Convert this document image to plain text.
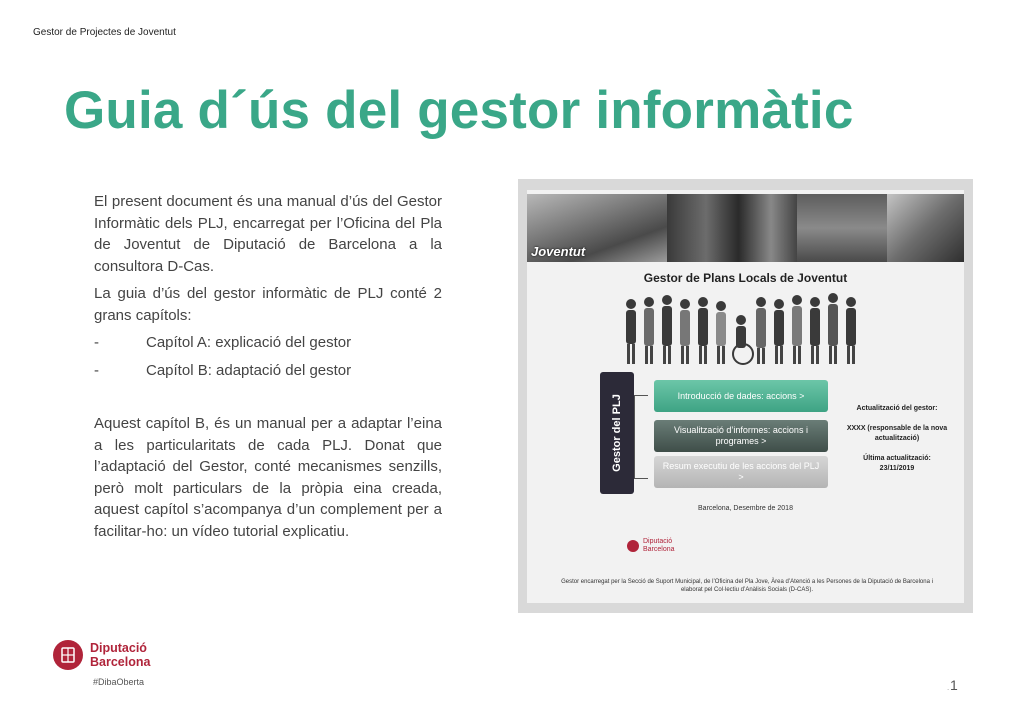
Gestor de Projectes de Joventut
Guia d´ús del gestor informàtic

El present document és una manual d’ús del Gestor Informàtic dels PLJ, encarregat per l’Oficina del Pla de Joventut de Diputació de Barcelona a la consultora D-Cas.

La guia d’ús del gestor informàtic de PLJ conté 2 grans capítols:

-	Capítol A: explicació del gestor
-	Capítol B: adaptació del gestor

Aquest capítol B, és un manual per a adaptar l’eina a les particularitats de cada PLJ. Donat que l’adaptació del Gestor, conté mecanismes senzills, però molt particulars de la pròpia eina creada, aquest capítol s’acompanya d’un complement per a facilitar-ho: un vídeo tutorial explicatiu.

Joventut
Gestor de Plans Locals de Joventut
Gestor del PLJ	Introducció de dades: accions >
Visualització d’informes: accions i programes >
Resum executiu de les accions del PLJ >
Actualització del gestor:
XXXX (responsable de la nova actualització)
Última actualització:
23/11/2019
Barcelona, Desembre de 2018
Diputació
Barcelona
Gestor encarregat per la Secció de Suport Municipal, de l’Oficina del Pla Jove, Àrea d’Atenció a les Persones de la Diputació de Barcelona i elaborat pel Col·lectiu d’Anàlisis Socials (D-CAS).
Diputació
Barcelona
#DibaOberta
. 1
